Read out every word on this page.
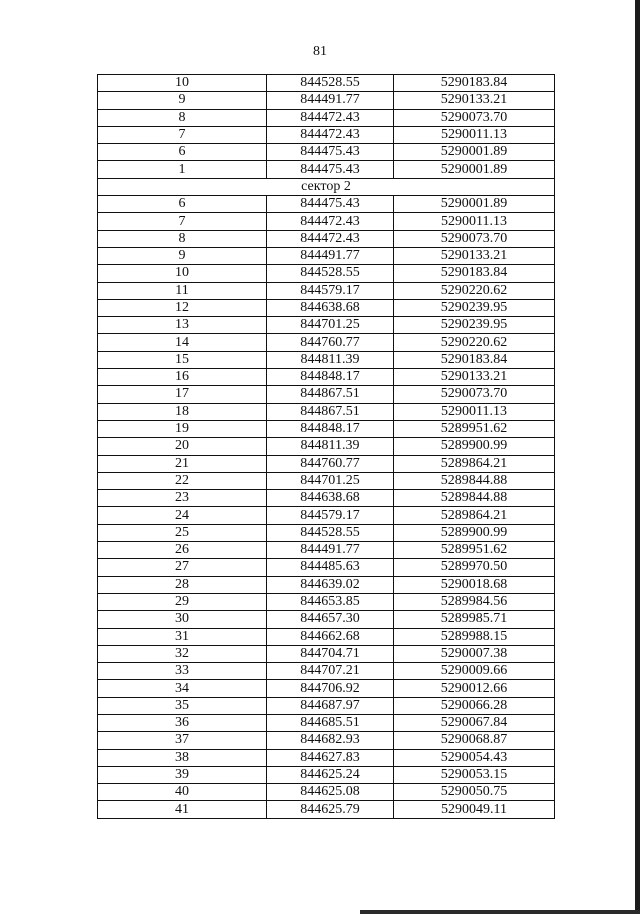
81
10	844528.55	5290183.84
9	844491.77	5290133.21
8	844472.43	5290073.70
7	844472.43	5290011.13
6	844475.43	5290001.89
1	844475.43	5290001.89
сектор 2		
6	844475.43	5290001.89
7	844472.43	5290011.13
8	844472.43	5290073.70
9	844491.77	5290133.21
10	844528.55	5290183.84
11	844579.17	5290220.62
12	844638.68	5290239.95
13	844701.25	5290239.95
14	844760.77	5290220.62
15	844811.39	5290183.84
16	844848.17	5290133.21
17	844867.51	5290073.70
18	844867.51	5290011.13
19	844848.17	5289951.62
20	844811.39	5289900.99
21	844760.77	5289864.21
22	844701.25	5289844.88
23	844638.68	5289844.88
24	844579.17	5289864.21
25	844528.55	5289900.99
26	844491.77	5289951.62
27	844485.63	5289970.50
28	844639.02	5290018.68
29	844653.85	5289984.56
30	844657.30	5289985.71
31	844662.68	5289988.15
32	844704.71	5290007.38
33	844707.21	5290009.66
34	844706.92	5290012.66
35	844687.97	5290066.28
36	844685.51	5290067.84
37	844682.93	5290068.87
38	844627.83	5290054.43
39	844625.24	5290053.15
40	844625.08	5290050.75
41	844625.79	5290049.11
